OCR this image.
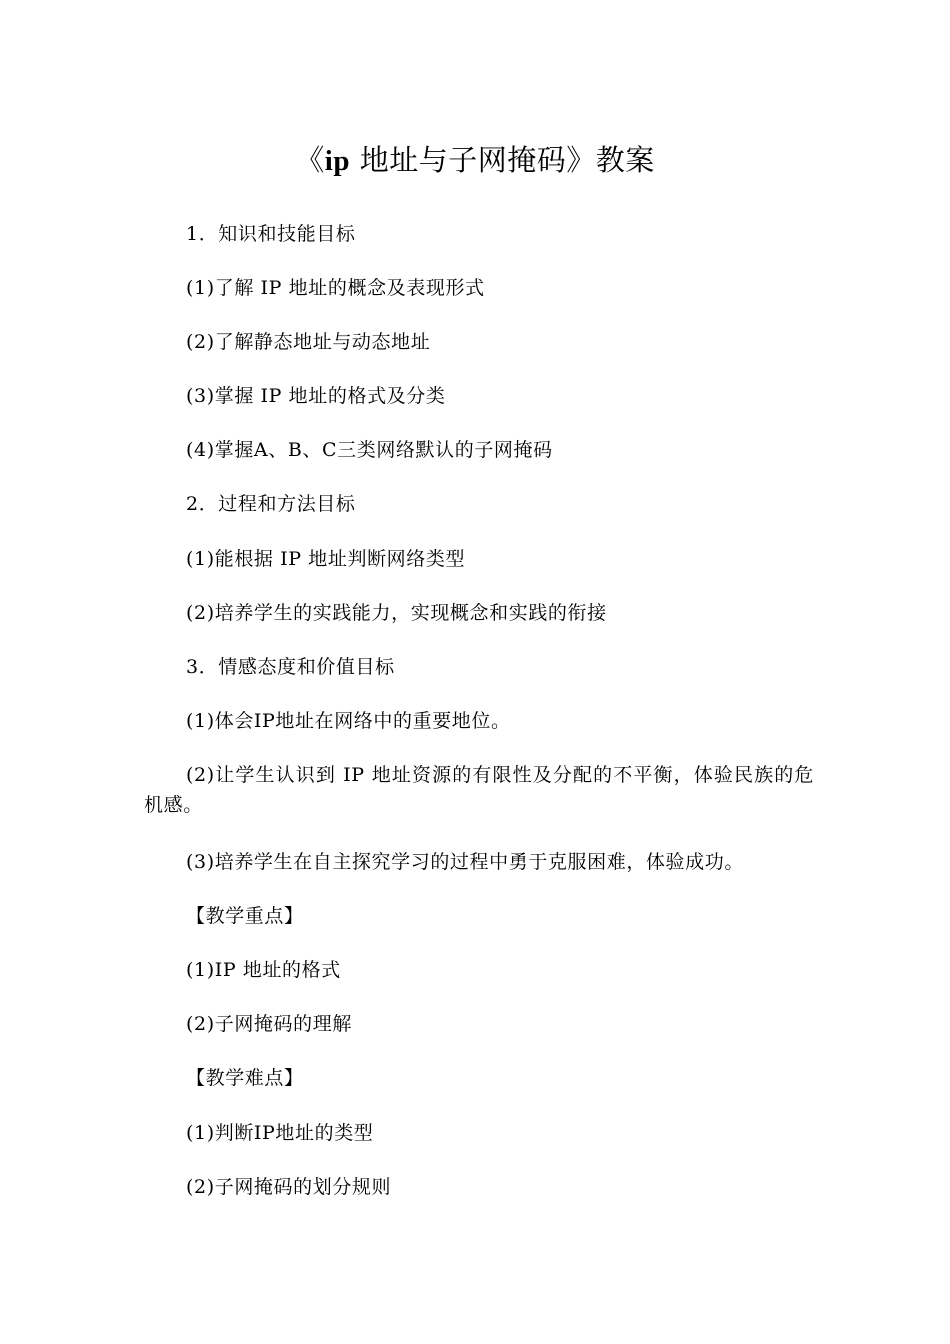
《ip 地址与子网掩码》教案
1．知识和技能目标
(1)了解 IP 地址的概念及表现形式
(2)了解静态地址与动态地址
(3)掌握 IP 地址的格式及分类
(4)掌握A、B、C三类网络默认的子网掩码
2．过程和方法目标
(1)能根据 IP 地址判断网络类型
(2)培养学生的实践能力，实现概念和实践的衔接
3．情感态度和价值目标
(1)体会IP地址在网络中的重要地位。
(2)让学生认识到 IP 地址资源的有限性及分配的不平衡，体验民族的危机感。
(3)培养学生在自主探究学习的过程中勇于克服困难，体验成功。
【教学重点】
(1)IP 地址的格式
(2)子网掩码的理解
【教学难点】
(1)判断IP地址的类型
(2)子网掩码的划分规则
